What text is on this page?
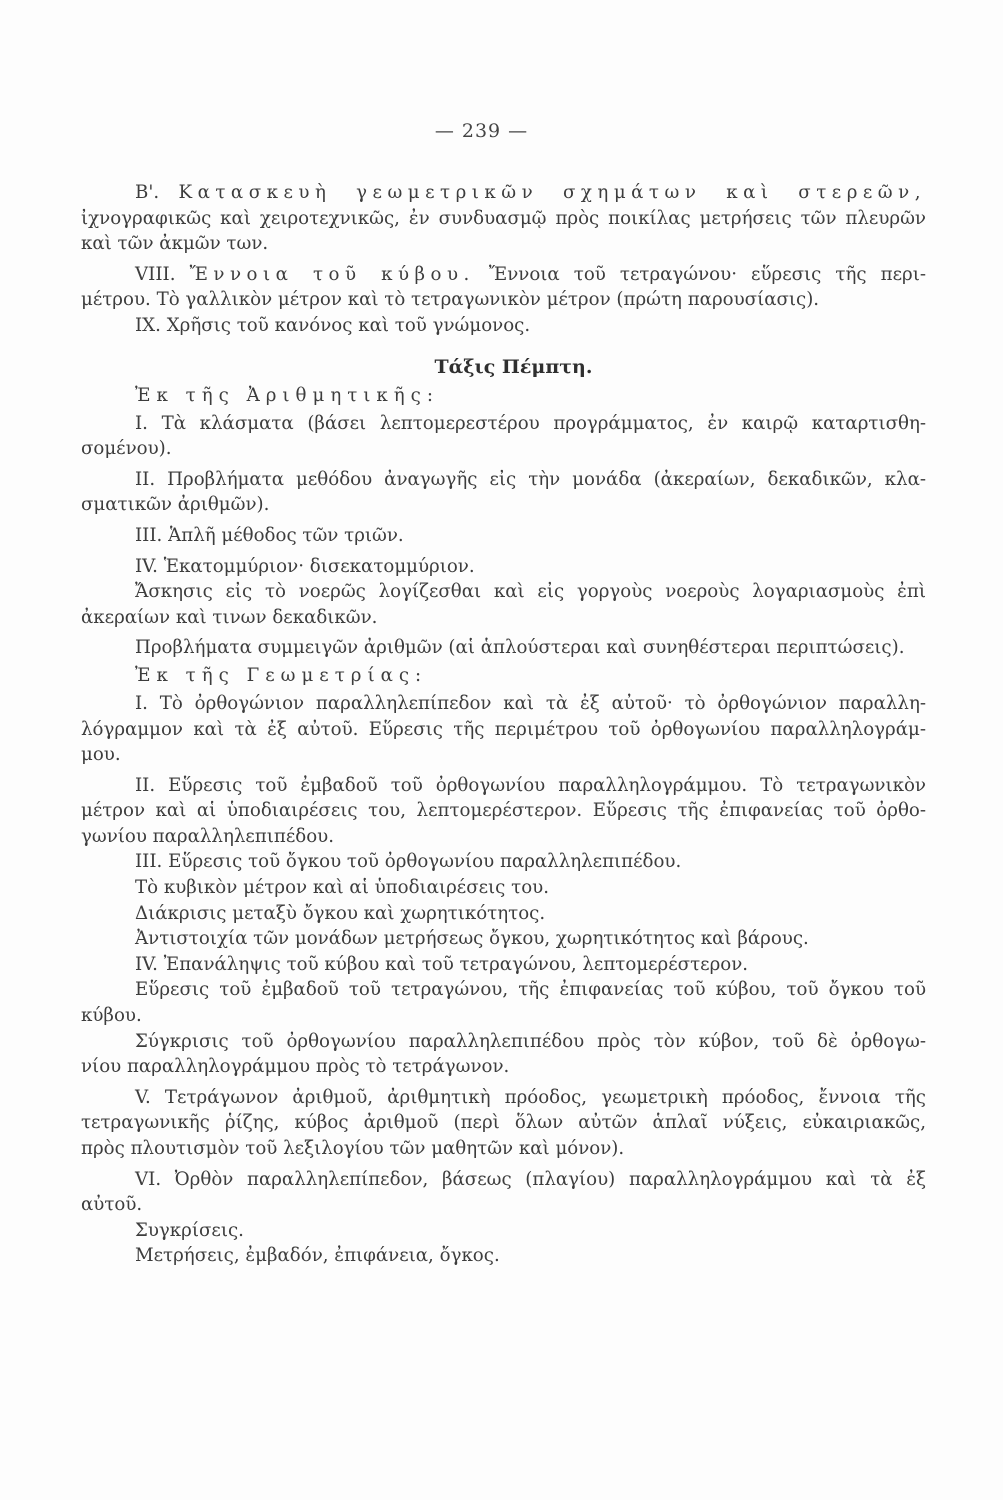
— 239 —
Β'. Κατασκευὴ γεωμετρικῶν σχημάτων καὶ στερεῶν,
ἰχνογραφικῶς καὶ χειροτεχνικῶς, ἐν συνδυασμῷ πρὸς ποικίλας μετρήσεις τῶν πλευρῶν
καὶ τῶν ἀκμῶν των.
VIII. Ἔννοια τοῦ κύβου. Ἔννοια τοῦ τετραγώνου· εὕρεσις τῆς περι-
μέτρου. Τὸ γαλλικὸν μέτρον καὶ τὸ τετραγωνικὸν μέτρον (πρώτη παρουσίασις).
IX. Χρῆσις τοῦ κανόνος καὶ τοῦ γνώμονος.
Τάξις Πέμπτη.
Ἐκ τῆς Ἀριθμητικῆς:
I. Τὰ κλάσματα (βάσει λεπτομερεστέρου προγράμματος, ἐν καιρῷ καταρτισθη-
σομένου).
II. Προβλήματα μεθόδου ἀναγωγῆς εἰς τὴν μονάδα (ἀκεραίων, δεκαδικῶν, κλα-
σματικῶν ἀριθμῶν).
III. Ἁπλῆ μέθοδος τῶν τριῶν.
IV. Ἑκατομμύριον· δισεκατομμύριον.
Ἄσκησις εἰς τὸ νοερῶς λογίζεσθαι καὶ εἰς γοργοὺς νοεροὺς λογαριασμοὺς ἐπὶ
ἀκεραίων καὶ τινων δεκαδικῶν.
Προβλήματα συμμειγῶν ἀριθμῶν (αἱ ἁπλούστεραι καὶ συνηθέστεραι περιπτώσεις).
Ἐκ τῆς Γεωμετρίας:
I. Τὸ ὀρθογώνιον παραλληλεπίπεδον καὶ τὰ ἐξ αὐτοῦ· τὸ ὀρθογώνιον παραλλη-
λόγραμμον καὶ τὰ ἐξ αὐτοῦ. Εὕρεσις τῆς περιμέτρου τοῦ ὀρθογωνίου παραλληλογράμ-
μου.
II. Εὕρεσις τοῦ ἐμβαδοῦ τοῦ ὀρθογωνίου παραλληλογράμμου. Τὸ τετραγωνικὸν
μέτρον καὶ αἱ ὑποδιαιρέσεις του, λεπτομερέστερον. Εὕρεσις τῆς ἐπιφανείας τοῦ ὀρθο-
γωνίου παραλληλεπιπέδου.
III. Εὕρεσις τοῦ ὄγκου τοῦ ὀρθογωνίου παραλληλεπιπέδου.
Τὸ κυβικὸν μέτρον καὶ αἱ ὑποδιαιρέσεις του.
Διάκρισις μεταξὺ ὄγκου καὶ χωρητικότητος.
Ἀντιστοιχία τῶν μονάδων μετρήσεως ὄγκου, χωρητικότητος καὶ βάρους.
IV. Ἐπανάληψις τοῦ κύβου καὶ τοῦ τετραγώνου, λεπτομερέστερον.
Εὕρεσις τοῦ ἐμβαδοῦ τοῦ τετραγώνου, τῆς ἐπιφανείας τοῦ κύβου, τοῦ ὄγκου τοῦ
κύβου.
Σύγκρισις τοῦ ὀρθογωνίου παραλληλεπιπέδου πρὸς τὸν κύβον, τοῦ δὲ ὀρθογω-
νίου παραλληλογράμμου πρὸς τὸ τετράγωνον.
V. Τετράγωνον ἀριθμοῦ, ἀριθμητικὴ πρόοδος, γεωμετρικὴ πρόοδος, ἔννοια τῆς
τετραγωνικῆς ῥίζης, κύβος ἀριθμοῦ (περὶ ὅλων αὐτῶν ἁπλαῖ νύξεις, εὐκαιριακῶς,
πρὸς πλουτισμὸν τοῦ λεξιλογίου τῶν μαθητῶν καὶ μόνον).
VI. Ὀρθὸν παραλληλεπίπεδον, βάσεως (πλαγίου) παραλληλογράμμου καὶ τὰ ἐξ
αὐτοῦ.
Συγκρίσεις.
Μετρήσεις, ἐμβαδόν, ἐπιφάνεια, ὄγκος.
